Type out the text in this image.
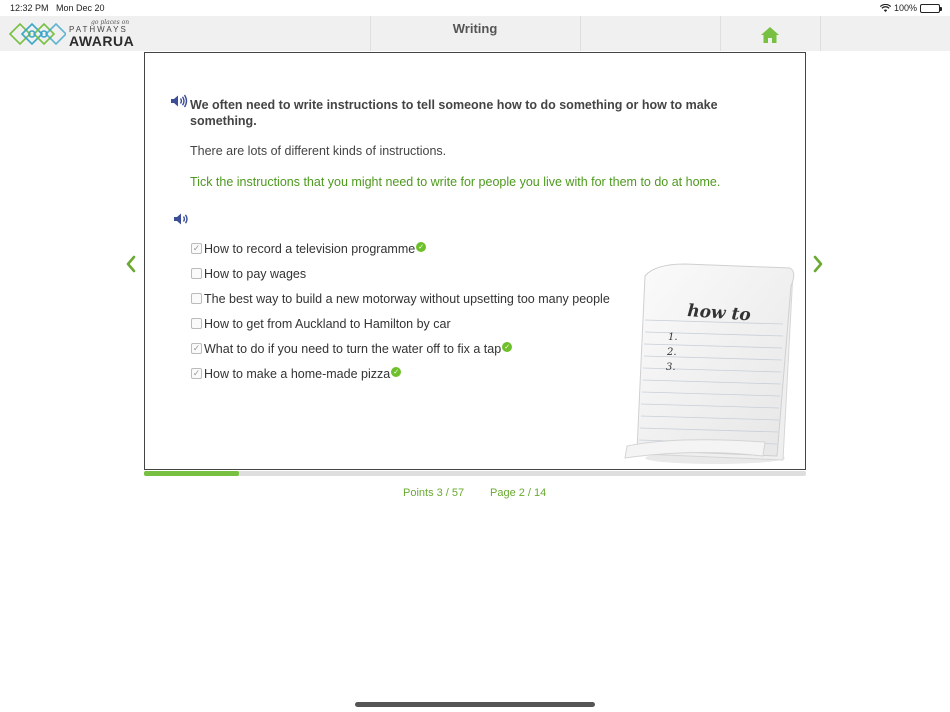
12:32 PM Mon Dec 20	100%
go places on
PATHWAYS
AWARUA
Writing
We often need to write instructions to tell someone how to do something or how to make something.
There are lots of different kinds of instructions.
Tick the instructions that you might need to write for people you live with for them to do at home.
✓ How to record a television programme ✓
How to pay wages
The best way to build a new motorway without upsetting too many people
How to get from Auckland to Hamilton by car
✓ What to do if you need to turn the water off to fix a tap ✓
✓ How to make a home-made pizza ✓
how to
1.
2.
3.
Points 3 / 57 Page 2 / 14
